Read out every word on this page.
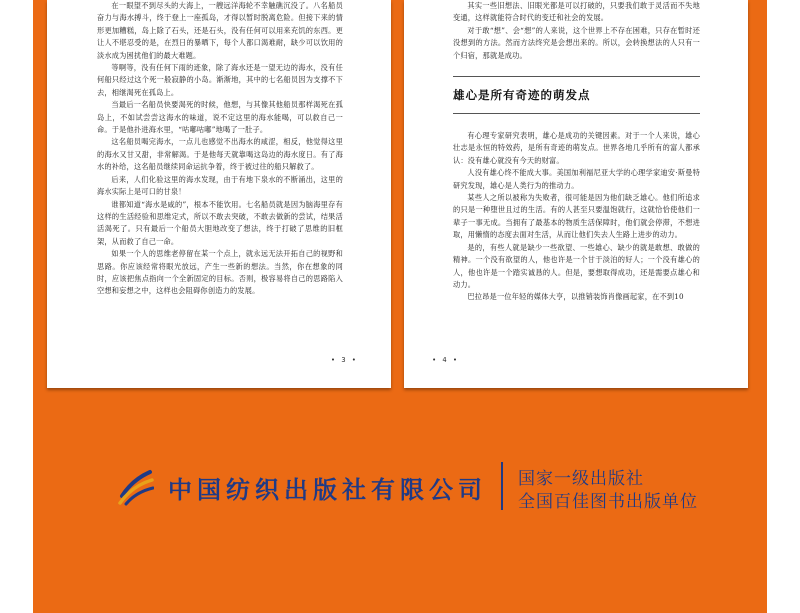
在一眼望不到尽头的大海上，一艘远洋海轮不幸触礁沉没了。八名船员奋力与海水搏斗，终于登上一座孤岛，才得以暂时脱离危险。但接下来的情形更加糟糕，岛上除了石头，还是石头，没有任何可以用来充饥的东西。更让人不堪忍受的是，在烈日的暴晒下，每个人都口渴难耐，缺少可以饮用的淡水成为困扰他们的最大难题。

等啊等，没有任何下雨的迹象，除了海水还是一望无边的海水，没有任何船只经过这个死一般寂静的小岛。渐渐地，其中的七名船员因为支撑不下去，相继渴死在孤岛上。

当最后一名船员快要渴死的时候，他想，与其像其他船员那样渴死在孤岛上，不如试尝尝这海水的味道，说不定这里的海水能喝，可以救自己一命。于是他扑进海水里，“咕嘟咕嘟”地喝了一肚子。

这名船员喝完海水，一点儿也感觉不出海水的咸涩，相反，他觉得这里的海水又甘又甜，非常解渴。于是他每天就靠喝这岛边的海水度日。有了海水的补给，这名船员继续同命运抗争着，终于被过往的船只解救了。

后来，人们化验这里的海水发现，由于有地下泉水的不断涌出，这里的海水实际上是可口的甘泉！

谁都知道“海水是咸的”，根本不能饮用。七名船员就是因为脑海里存有这样的生活经验和思维定式，所以不敢去突破，不敢去做新的尝试，结果活活渴死了。只有最后一个船员大胆地改变了想法，终于打破了思维的旧框架，从而救了自己一命。

如果一个人的思维老停留在某一个点上，就永远无法开拓自己的视野和思路。你应该经常将眼光放远，产生一些新的想法。当然，你在想象的同时，应该把焦点指向一个全新固定的目标。否则，极容易将自己的思路陷入空想和妄想之中，这样也会阻碍你创造力的发展。

• 3 •

其实一些旧想法、旧眼光都是可以打破的，只要我们敢于灵活而不失地变通，这样就能符合时代的变迁和社会的发展。

对于敢“想”、会“想”的人来说，这个世界上不存在困难，只存在暂时还没想到的方法。然而方法终究是会想出来的。所以，会转换想法的人只有一个归宿，那就是成功。

雄心是所有奇迹的萌发点

有心理专家研究表明，雄心是成功的关键因素。对于一个人来说，雄心壮志是永恒的特效药，是所有奇迹的萌发点。世界各地几乎所有的富人都承认：没有雄心就没有今天的财富。

人没有雄心终不能成大事。美国加利福尼亚大学的心理学家迪安·斯曼特研究发现，雄心是人类行为的推动力。

某些人之所以被称为失败者，很可能是因为他们缺乏雄心。他们所追求的只是一种堕世且过的生活。有的人甚至只要温饱就行，这就恰恰使他们一辈子一事无成。当拥有了最基本的物质生活保障时，他们就会停滞，不想进取，用懒惰的态度去面对生活，从而让他们失去人生路上进步的动力。

是的，有些人就是缺少一些欲望、一些雄心、缺少的就是敢想、敢做的精神。一个没有欲望的人，他也许是一个甘于淡泊的好人；一个没有雄心的人，他也许是一个踏实诚恳的人。但是，要想取得成功，还是需要点雄心和动力。

巴拉昂是一位年轻的媒体大亨，以推销装饰肖像画起家，在不到10

• 4 •
中国纺织出版社有限公司 国家一级出版社
全国百佳图书出版单位
